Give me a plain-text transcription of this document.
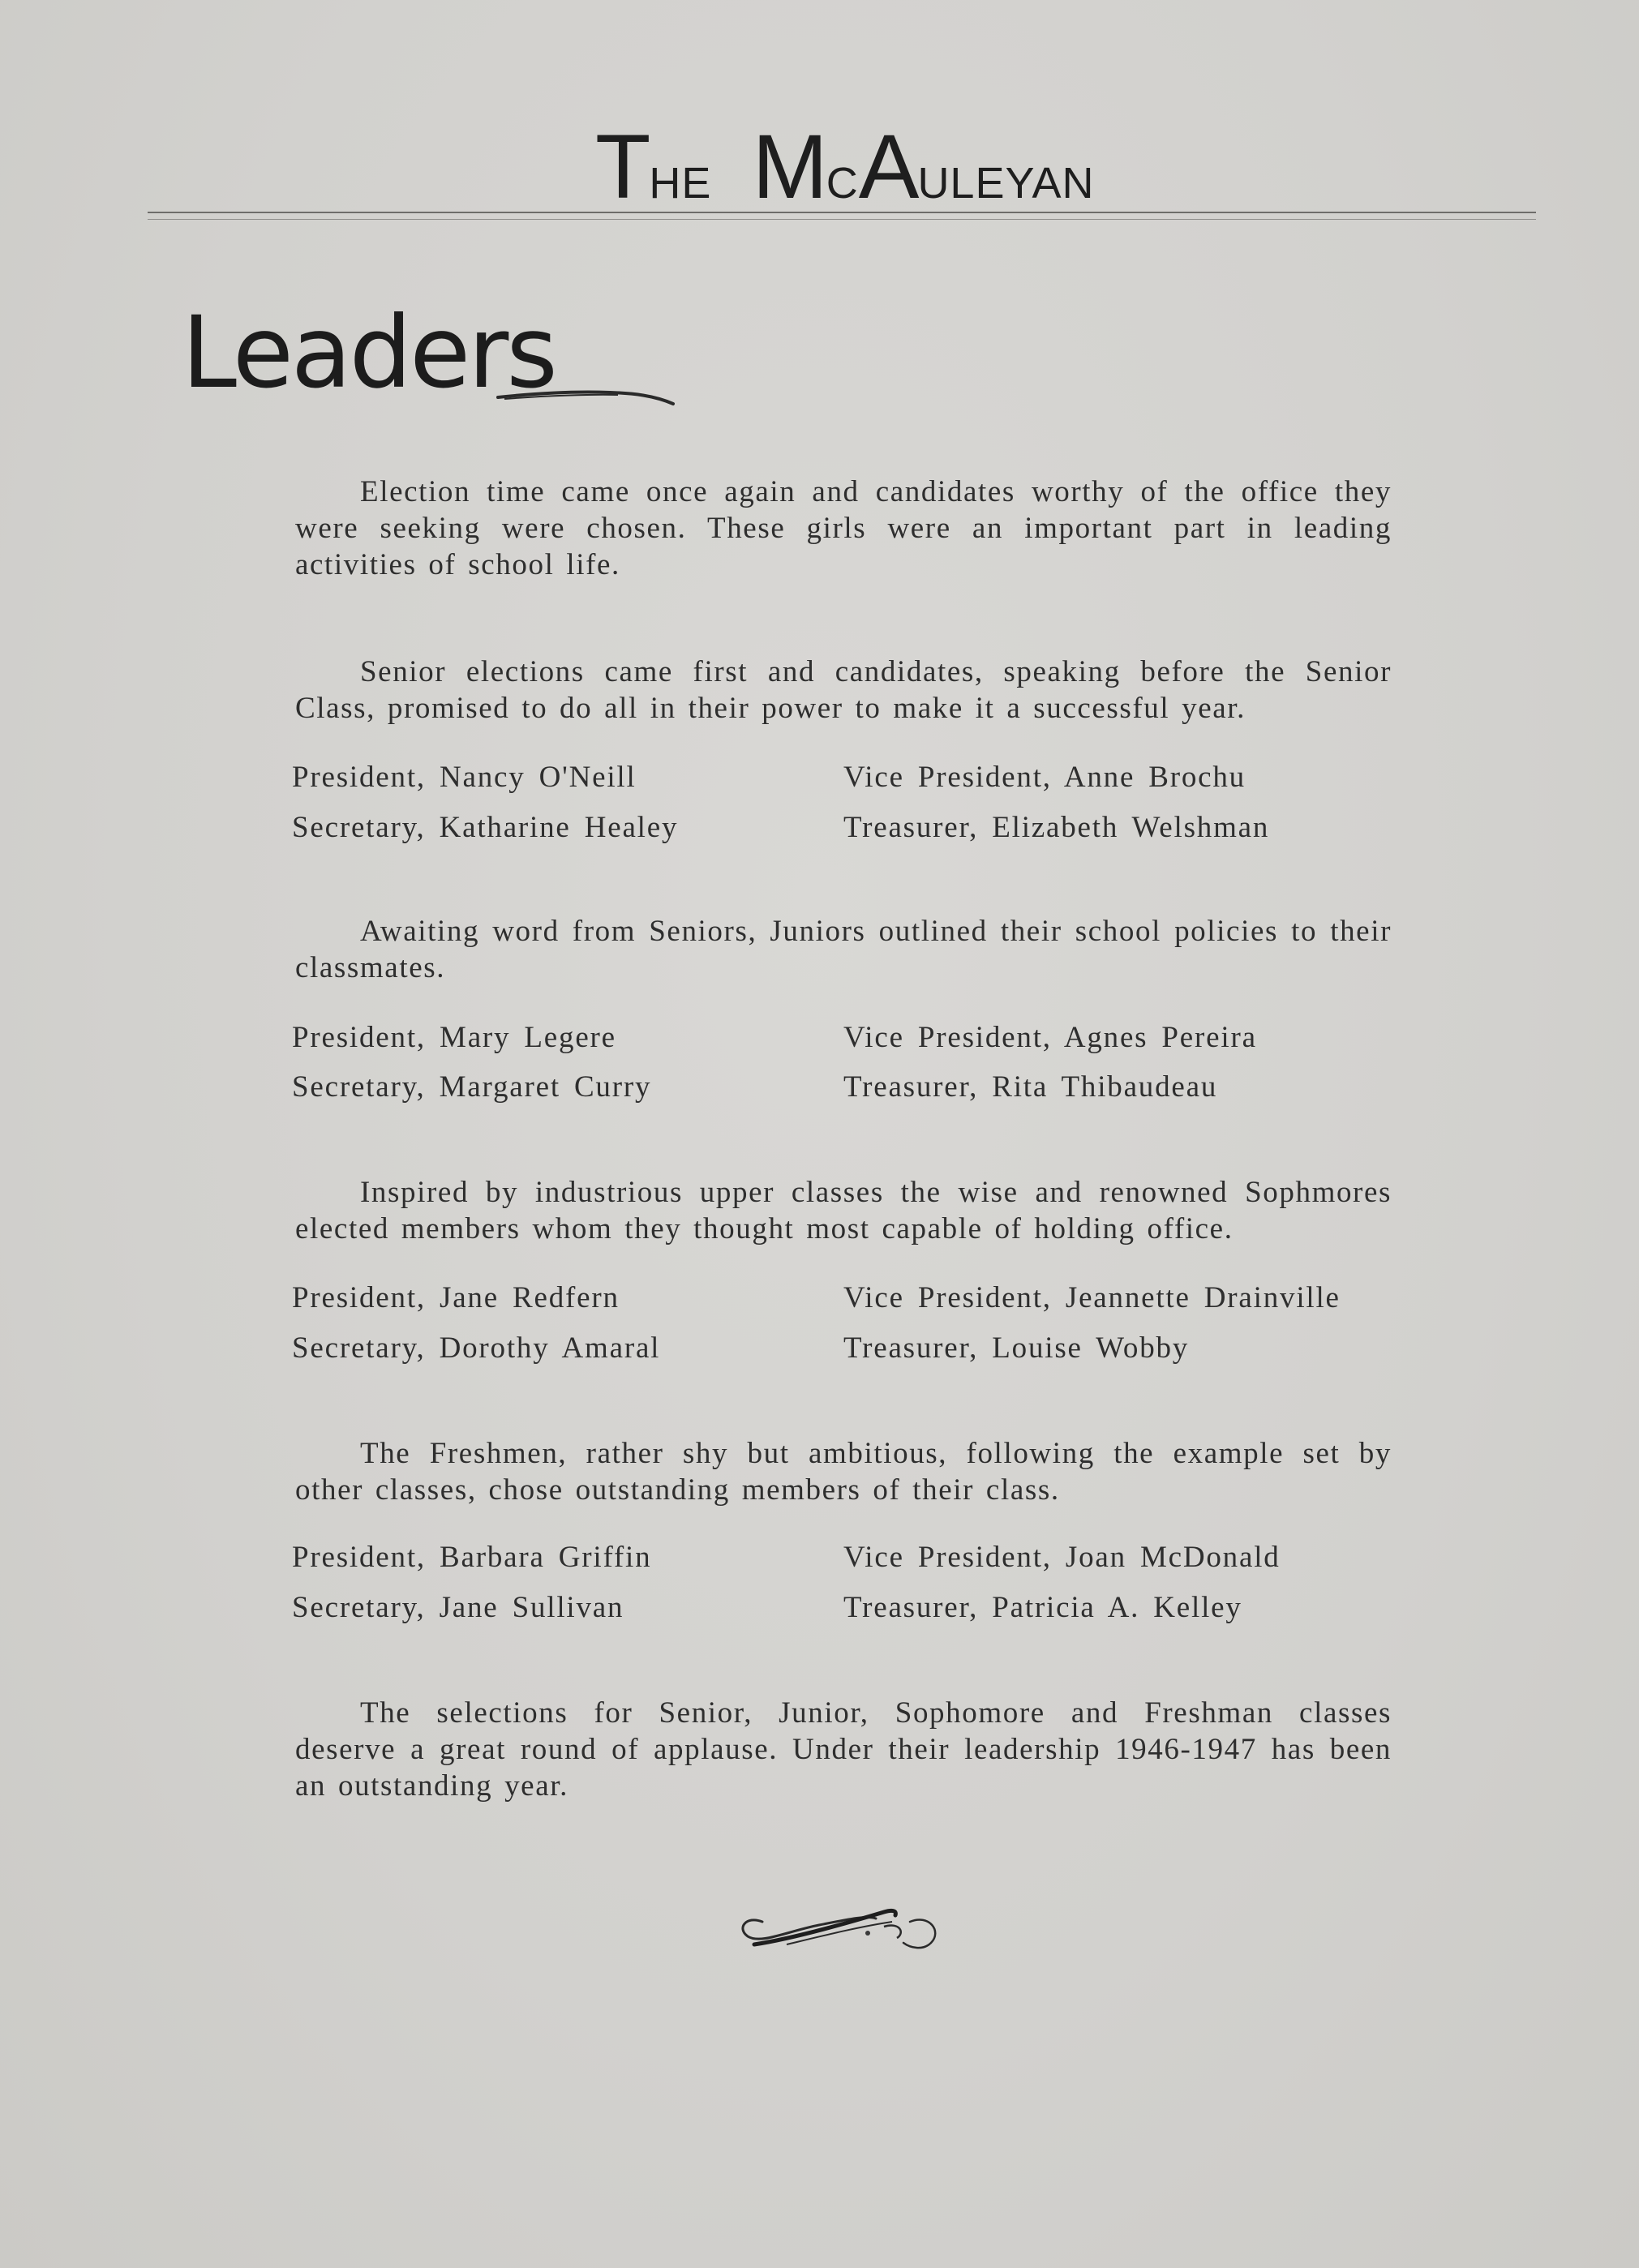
THE MCAULEYAN
Leaders

Election time came once again and candidates worthy of the office they were seeking were chosen. These girls were an important part in leading activities of school life.

Senior elections came first and candidates, speaking before the Senior Class, promised to do all in their power to make it a successful year.

President, Nancy O'Neill	Vice President, Anne Brochu
Secretary, Katharine Healey	Treasurer, Elizabeth Welshman

Awaiting word from Seniors, Juniors outlined their school policies to their classmates.

President, Mary Legere	Vice President, Agnes Pereira
Secretary, Margaret Curry	Treasurer, Rita Thibaudeau

Inspired by industrious upper classes the wise and renowned Sophmores elected members whom they thought most capable of holding office.

President, Jane Redfern	Vice President, Jeannette Drainville
Secretary, Dorothy Amaral	Treasurer, Louise Wobby

The Freshmen, rather shy but ambitious, following the example set by other classes, chose outstanding members of their class.

President, Barbara Griffin	Vice President, Joan McDonald
Secretary, Jane Sullivan	Treasurer, Patricia A. Kelley

The selections for Senior, Junior, Sophomore and Freshman classes deserve a great round of applause. Under their leadership 1946-1947 has been an outstanding year.
